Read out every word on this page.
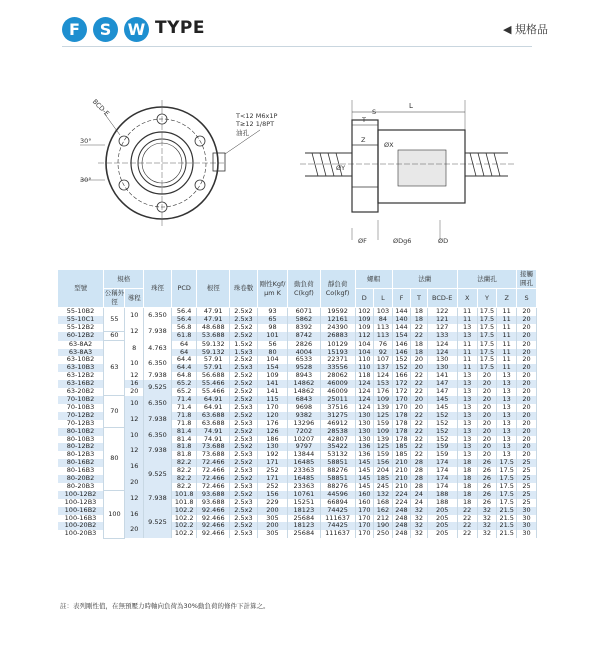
F	S	W TYPE	◀ 規格品
BCD-E
30°
30°
T<12 M6x1P
T≥12 1/8PT
油孔
L
T
S
Z
ØX
ØY
ØF	ØDg6	ØD
型號	規格		珠徑	PCD	根徑	珠卷數	剛性Kgf/μm K	動負荷C(kgf)	靜負荷Co(kgf)	螺帽		法蘭			法蘭孔			接觸圓孔
	公稱外徑	導程								D	L	F	T	BCD-E	X	Y	Z	S
55-10B2	55	10	6.350	56.4	47.91	2.5x2	93	6071	19592	102	103	144	18	122	11	17.5	11	20
55-10C1				56.4	47.91	2.5x3	65	5862	12161	109	84	140	18	121	11	17.5	11	20
55-12B2		12	7.938	56.8	48.688	2.5x2	98	8392	24390	109	113	144	22	127	13	17.5	11	20
60-12B2	60			61.8	53.688	2.5x2	101	8742	26883	112	113	154	22	133	13	17.5	11	20
63-8A2	63	8	4.763	64	59.132	1.5x2	56	2826	10129	104	76	146	18	124	11	17.5	11	20
63-8A3				64	59.132	1.5x3	80	4004	15193	104	92	146	18	124	11	17.5	11	20
63-10B2		10	6.350	64.4	57.91	2.5x2	104	6533	22371	110	107	152	20	130	11	17.5	11	20
63-10B3				64.4	57.91	2.5x3	154	9528	33556	110	137	152	20	130	11	17.5	11	20
63-12B2		12	7.938	64.8	56.688	2.5x2	109	8943	28062	118	124	166	22	141	13	20	13	20
63-16B2		16	9.525	65.2	55.466	2.5x2	141	14862	46009	124	153	172	22	147	13	20	13	20
63-20B2		20		65.2	55.466	2.5x2	141	14862	46009	124	176	172	22	147	13	20	13	20
70-10B2	70	10	6.350	71.4	64.91	2.5x2	115	6843	25011	124	109	170	20	145	13	20	13	20
70-10B3				71.4	64.91	2.5x3	170	9698	37516	124	139	170	20	145	13	20	13	20
70-12B2		12	7.938	71.8	63.688	2.5x2	120	9382	31275	130	125	178	22	152	13	20	13	20
70-12B3				71.8	63.688	2.5x3	176	13296	46912	130	159	178	22	152	13	20	13	20
80-10B2	80	10	6.350	81.4	74.91	2.5x2	126	7202	28538	130	109	178	22	152	13	20	13	20
80-10B3				81.4	74.91	2.5x3	186	10207	42807	130	139	178	22	152	13	20	13	20
80-12B2		12	7.938	81.8	73.688	2.5x2	130	9797	35422	136	125	185	22	159	13	20	13	20
80-12B3				81.8	73.688	2.5x3	192	13844	53132	136	159	185	22	159	13	20	13	20
80-16B2		16	9.525	82.2	72.466	2.5x2	171	16485	58851	145	156	210	28	174	18	26	17.5	25
80-16B3				82.2	72.466	2.5x3	252	23363	88276	145	204	210	28	174	18	26	17.5	25
80-20B2		20		82.2	72.466	2.5x2	171	16485	58851	145	185	210	28	174	18	26	17.5	25
80-20B3				82.2	72.466	2.5x3	252	23363	88276	145	245	210	28	174	18	26	17.5	25
100-12B2	100	12	7.938	101.8	93.688	2.5x2	156	10761	44596	160	132	224	24	188	18	26	17.5	25
100-12B3				101.8	93.688	2.5x3	229	15251	66894	160	168	224	24	188	18	26	17.5	25
100-16B2		16	9.525	102.2	92.466	2.5x2	200	18123	74425	170	162	248	32	205	22	32	21.5	30
100-16B3				102.2	92.466	2.5x3	305	25684	111637	170	212	248	32	205	22	32	21.5	30
100-20B2		20		102.2	92.466	2.5x2	200	18123	74425	170	190	248	32	205	22	32	21.5	30
100-20B3				102.2	92.466	2.5x3	305	25684	111637	170	250	248	32	205	22	32	21.5	30
註：表列剛性值，在無預壓力時軸向負荷為30%動負荷的條件下計算之。
